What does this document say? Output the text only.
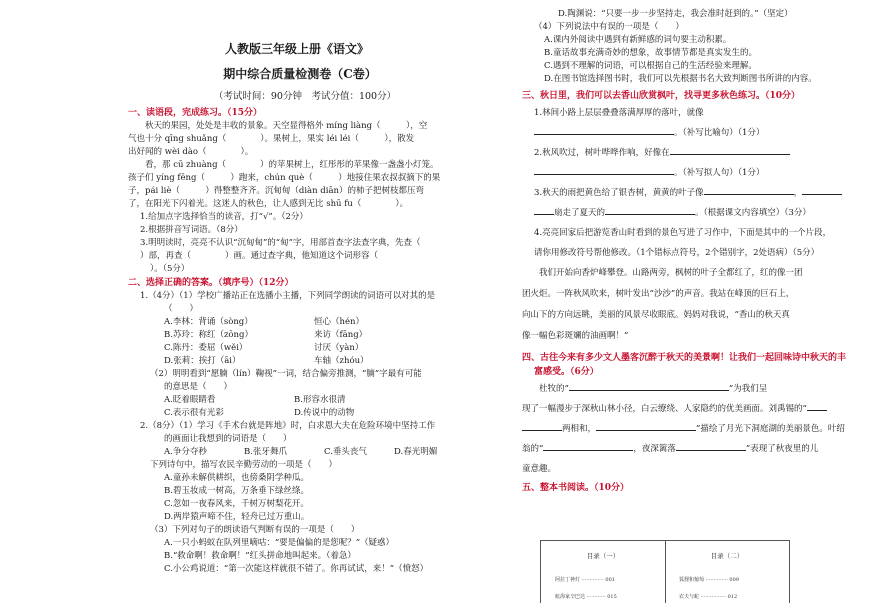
人教版三年级上册《语文》
期中综合质量检测卷（C卷）
（考试时间：90分钟　考试分值：100分）
一、读语段，完成练习。（15分）
　　秋天的果园，处处是丰收的景象。天空显得格外 míng liàng（　　　），空
气也十分 qīng shuǎng（　　　　）。果树上，果实 léi léi（　　　），散发
出好闻的 wèi dào（　　　　）。
　　看，那 cū zhuàng（　　　　）的苹果树上，红彤彤的苹果像一盏盏小灯笼。
孩子们 yíng fēng（　　　）跑来，chún què（　　　）地接住果农叔叔摘下的果
子，pái liè（　　　）得整整齐齐。沉甸甸（diàn diān）的柿子把树枝都压弯
了，在阳光下闪着光。这迷人的秋色，让人感到无比 shū fu（　　　　）。
1.给加点字选择恰当的读音，打“√”。（2分）
2.根据拼音写词语。（8分）
3.明明读时，亮亮不认识“沉甸甸”的“甸”字，用部首查字法查字典，先查（
）部，再查（　　　　）画。通过查字典，他知道这个词形容（　　　　　
）。（5分）
二、选择正确的答案。（填序号）（12分）
1.（4分）（1）学校广播站正在选播小主播，下列同学朗读的词语可以对其的是
（　　）
A.李林：背诵（sòng）	恒心（hén）
B.苏玲：称红（zōng）	来访（fāng）
C.陈丹：委屈（wěi）	讨厌（yàn）
D.张莉：挨打（āi）	车轴（zhóu）
（2）明明看到“愿腩（lín）鞠视”一词，结合偏旁推测，“腩”字最有可能
的意思是（　　）
A.眨着眼睛看	B.形容水很清
C.表示很有光彩	D.传说中的动物
2.（8分）（1）学习《手术台就是阵地》时，白求恩大夫在危险环境中坚持工作
的画面让我想到的词语是（　　）
A.争分夺秒	B.张牙舞爪	C.垂头丧气	D.春光明媚
下列诗句中，描写农民辛勤劳动的一项是（　　）
A.童孙未解供耕织，也傍桑阴学种瓜。
B.碧玉妆成一树高，万条垂下绿丝绦。
C.忽如一夜春风来，千树万树梨花开。
D.两岸猿声啼不住，轻舟已过万重山。
（3）下列对句子的朗读语气判断有误的一项是（　　）
A.一只小蚂蚁在队列里嘀咕：“要是偏偏的是您呢？”（疑惑）
B.“救命啊！救命啊！”红头拼命地叫起来。（着急）
C.小公鸡说道：“第一次能这样就很不错了。你再试试，来！”（愤怒）
D.陶渊说：“只要一步一步坚持走，我会准时赶到的。”（坚定）
（4）下列说法中有误的一项是（　　）
A.课内外阅读中遇到有新鲜感的词句要主动积累。
B.童话故事充满奇妙的想象，故事情节都是真实发生的。
C.遇到不理解的词语，可以根据自己的生活经验来理解。
D.在图书馆选择图书时，我们可以先根据书名大致判断图书所讲的内容。
三、秋日里，我们可以去香山欣赏枫叶，找寻更多秋色练习。（10分）
1.林间小路上层层叠叠落满厚厚的落叶，就像
。（补写比喻句）（1分）
2.秋风吹过，树叶哗哗作响，好像在
。（补写拟人句）（1分）
3.秋天的雨把黄色给了银杏树，黄黄的叶子像	，
扇走了夏天的	。（根据课文内容填空）（3分）
4.亮亮回家后把游览香山时看到的景色写进了习作中，下面是其中的一个片段，
请你用修改符号帮他修改。（1个错标点符号，2个错别字，2处语病）（5分）
　　我们开始向香炉峰攀登。山路两旁，枫树的叶子全都红了，红的像一团
团火炬。一阵秋风吹来，树叶发出“沙沙”的声音。我站在峰顶的巨石上，
向山下的方向远眺，美丽的风景尽收眼底。妈妈对我说，“香山的秋天真
像一幅色彩斑斓的油画啊！”
四、古往今来有多少文人墨客沉醉于秋天的美景啊！让我们一起回味诗中秋天的丰
富感受。（6分）
　　杜牧的“	”为我们呈
现了一幅漫步于深秋山林小径，白云缭绕、人家隐约的优美画面。刘禹锡的“
两相和，	”描绘了月光下洞庭湖的美丽景色。叶绍
翁的“	，夜深篱落	”表现了秋夜里的儿
童意趣。
五、整本书阅读。（10分）
目录（一）
阿拉丁神灯 ·············· 001
航海家辛巴达 ············ 015
目录（二）
狐狸和葡萄 ·············· 009
农夫与蛇 ················ 012
